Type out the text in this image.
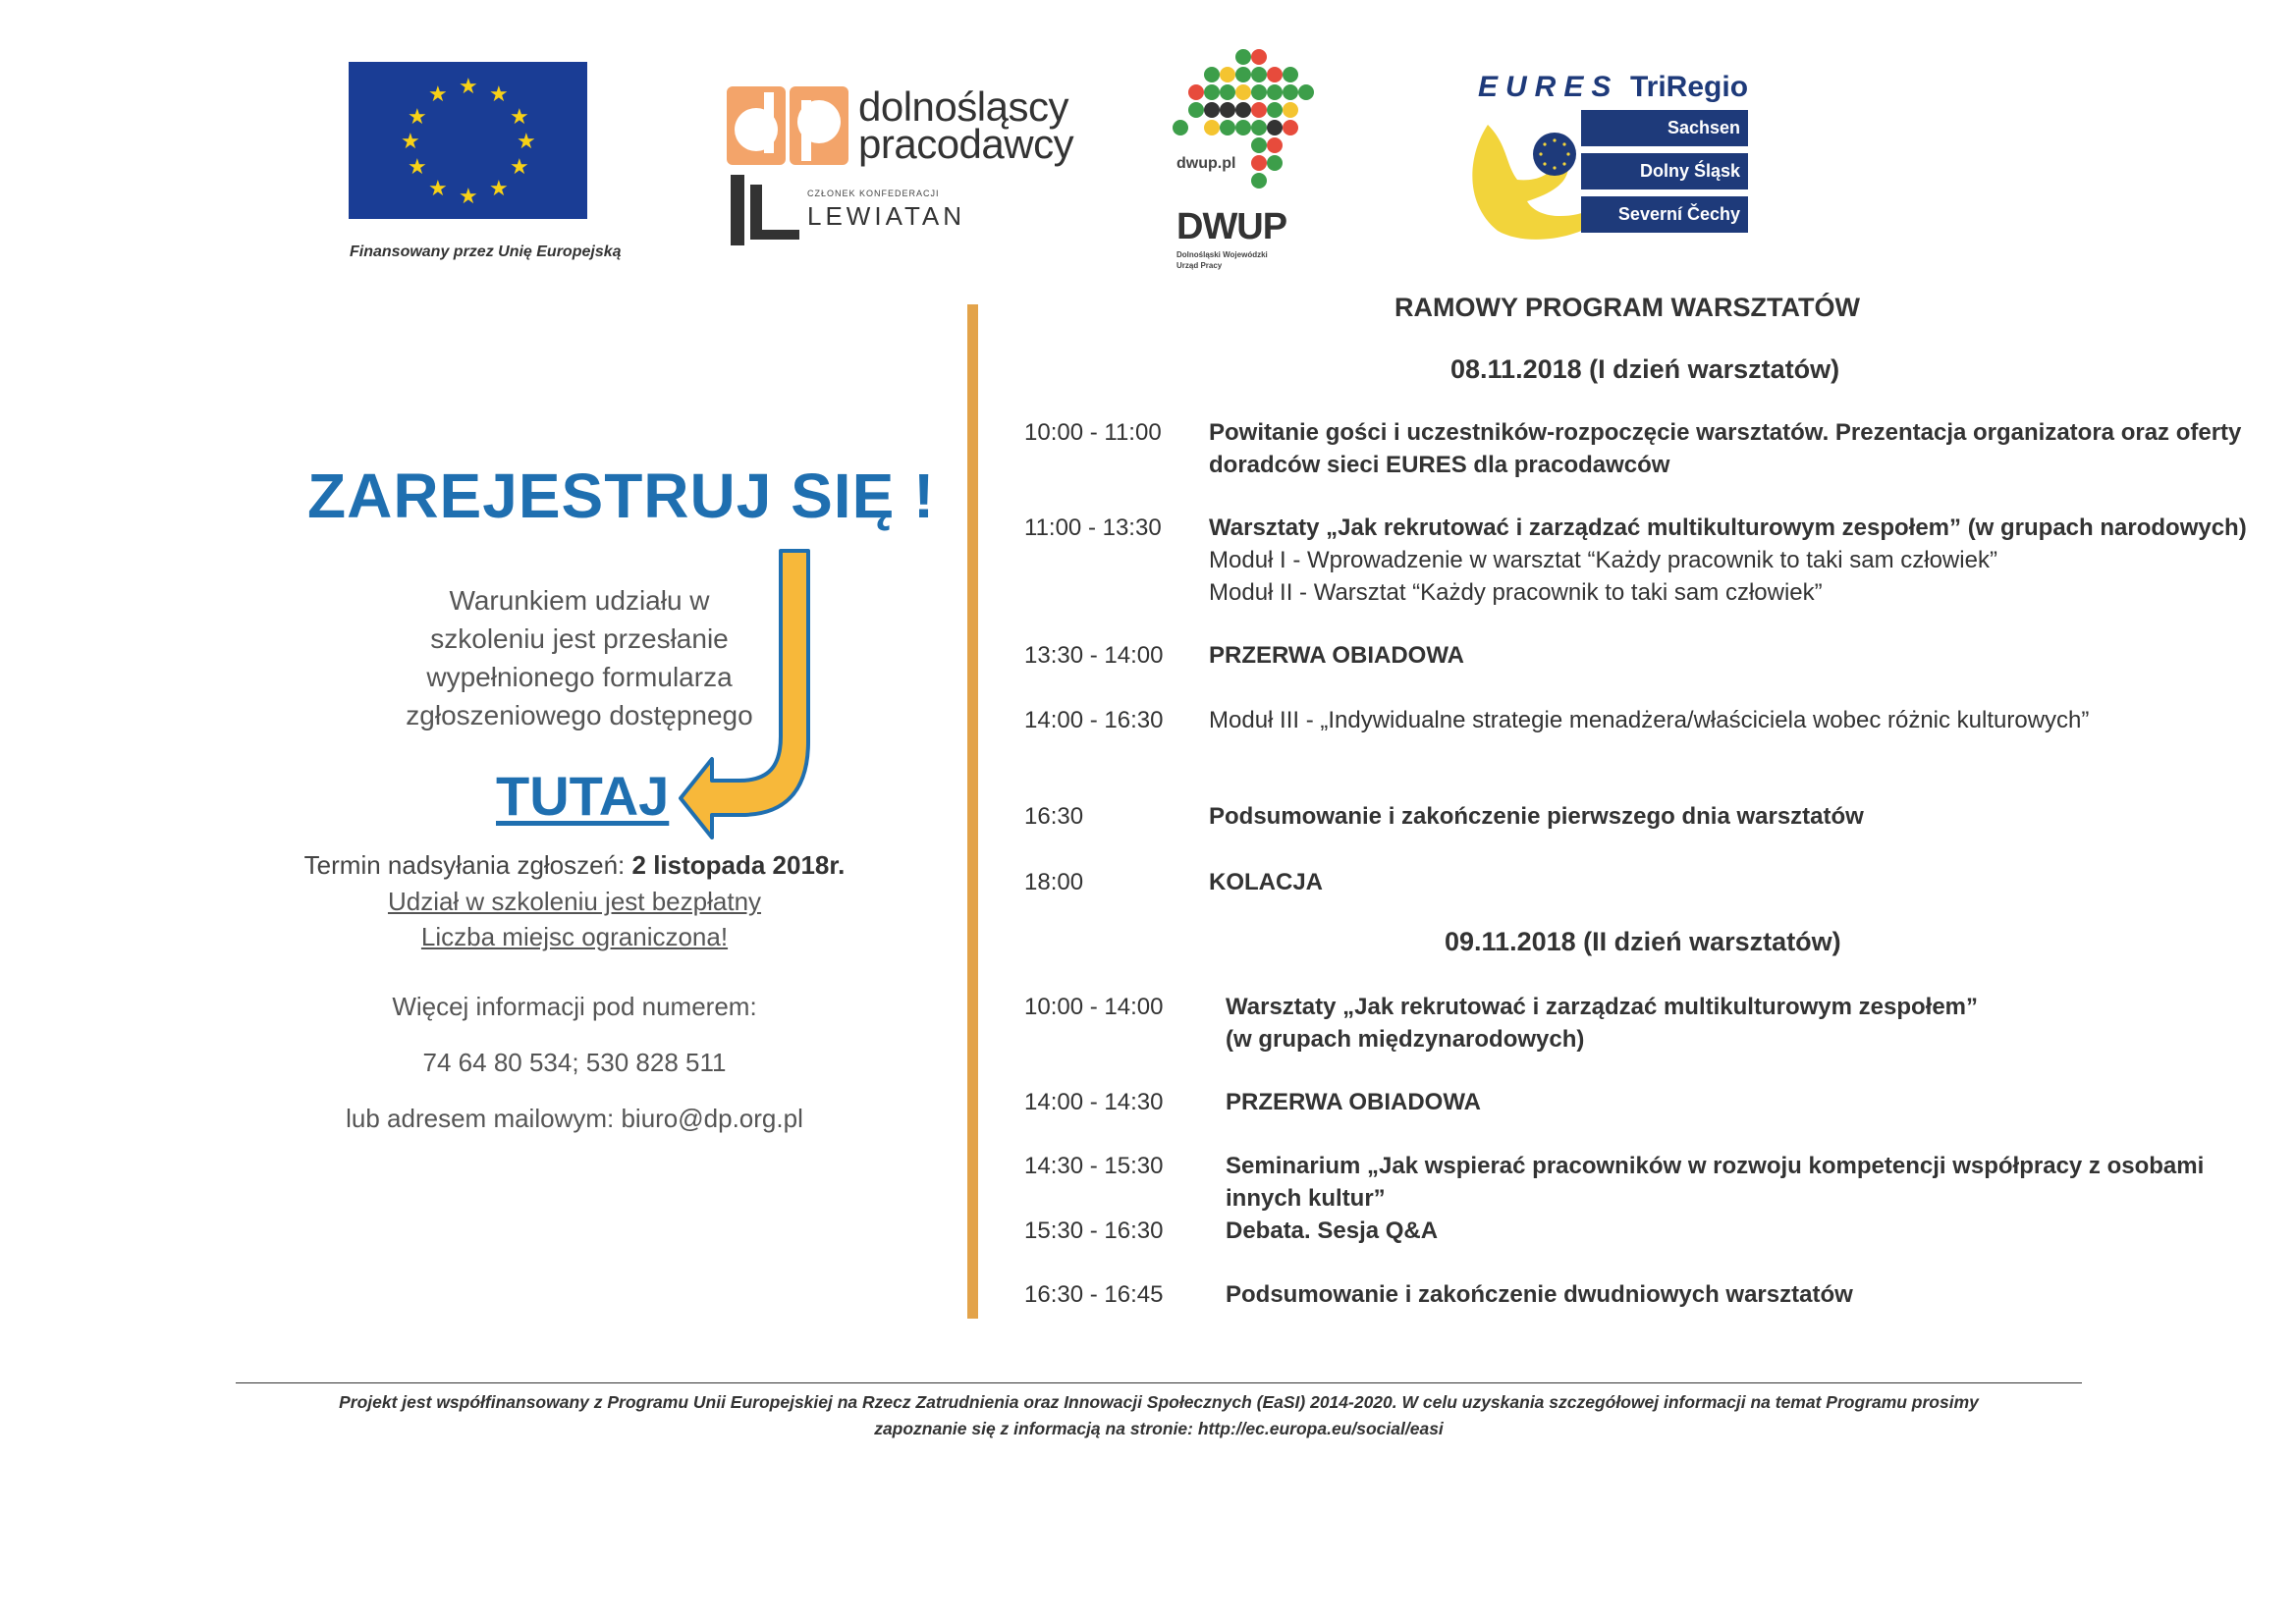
★ ★
★
★
★
★
★
★
★
★
★
★
Finansowany przez Unię Europejską
dolnośląscy
pracodawcy
CZŁONEK KONFEDERACJI
LEWIATAN
dwup.pl
DWUP
Dolnośląski Wojewódzki
Urząd Pracy
EURES TriRegio
Sachsen
Dolny Śląsk
Severní Čechy
ZAREJESTRUJ SIĘ !
Warunkiem udziału w
szkoleniu jest przesłanie
wypełnionego formularza
zgłoszeniowego dostępnego
TUTAJ
Termin nadsyłania zgłoszeń: 2 listopada 2018r.
Udział w szkoleniu jest bezpłatny
Liczba miejsc ograniczona!
Więcej informacji pod numerem:
74 64 80 534; 530 828 511
lub adresem mailowym: biuro@dp.org.pl
RAMOWY PROGRAM WARSZTATÓW
08.11.2018 (I dzień warsztatów)
10:00 - 11:00 Powitanie gości i uczestników-rozpoczęcie warsztatów. Prezentacja organizatora oraz oferty
doradców sieci EURES dla pracodawców
11:00 - 13:30 Warsztaty „Jak rekrutować i zarządzać multikulturowym zespołem” (w grupach narodowych)
Moduł I - Wprowadzenie w warsztat “Każdy pracownik to taki sam człowiek”
Moduł II - Warsztat “Każdy pracownik to taki sam człowiek”
13:30 - 14:00 PRZERWA OBIADOWA
14:00 - 16:30 Moduł III - „Indywidualne strategie menadżera/właściciela wobec różnic kulturowych”
16:30	Podsumowanie i zakończenie pierwszego dnia warsztatów
18:00	KOLACJA
09.11.2018 (II dzień warsztatów)
10:00 - 14:00	Warsztaty „Jak rekrutować i zarządzać multikulturowym zespołem”
(w grupach międzynarodowych)
14:00 - 14:30	PRZERWA OBIADOWA
14:30 - 15:30	Seminarium „Jak wspierać pracowników w rozwoju kompetencji współpracy z osobami
innych kultur”
15:30 - 16:30	Debata. Sesja Q&A
16:30 - 16:45	Podsumowanie i zakończenie dwudniowych warsztatów
Projekt jest współfinansowany z Programu Unii Europejskiej na Rzecz Zatrudnienia oraz Innowacji Społecznych (EaSI) 2014-2020. W celu uzyskania szczegółowej informacji na temat Programu prosimy
zapoznanie się z informacją na stronie: http://ec.europa.eu/social/easi
